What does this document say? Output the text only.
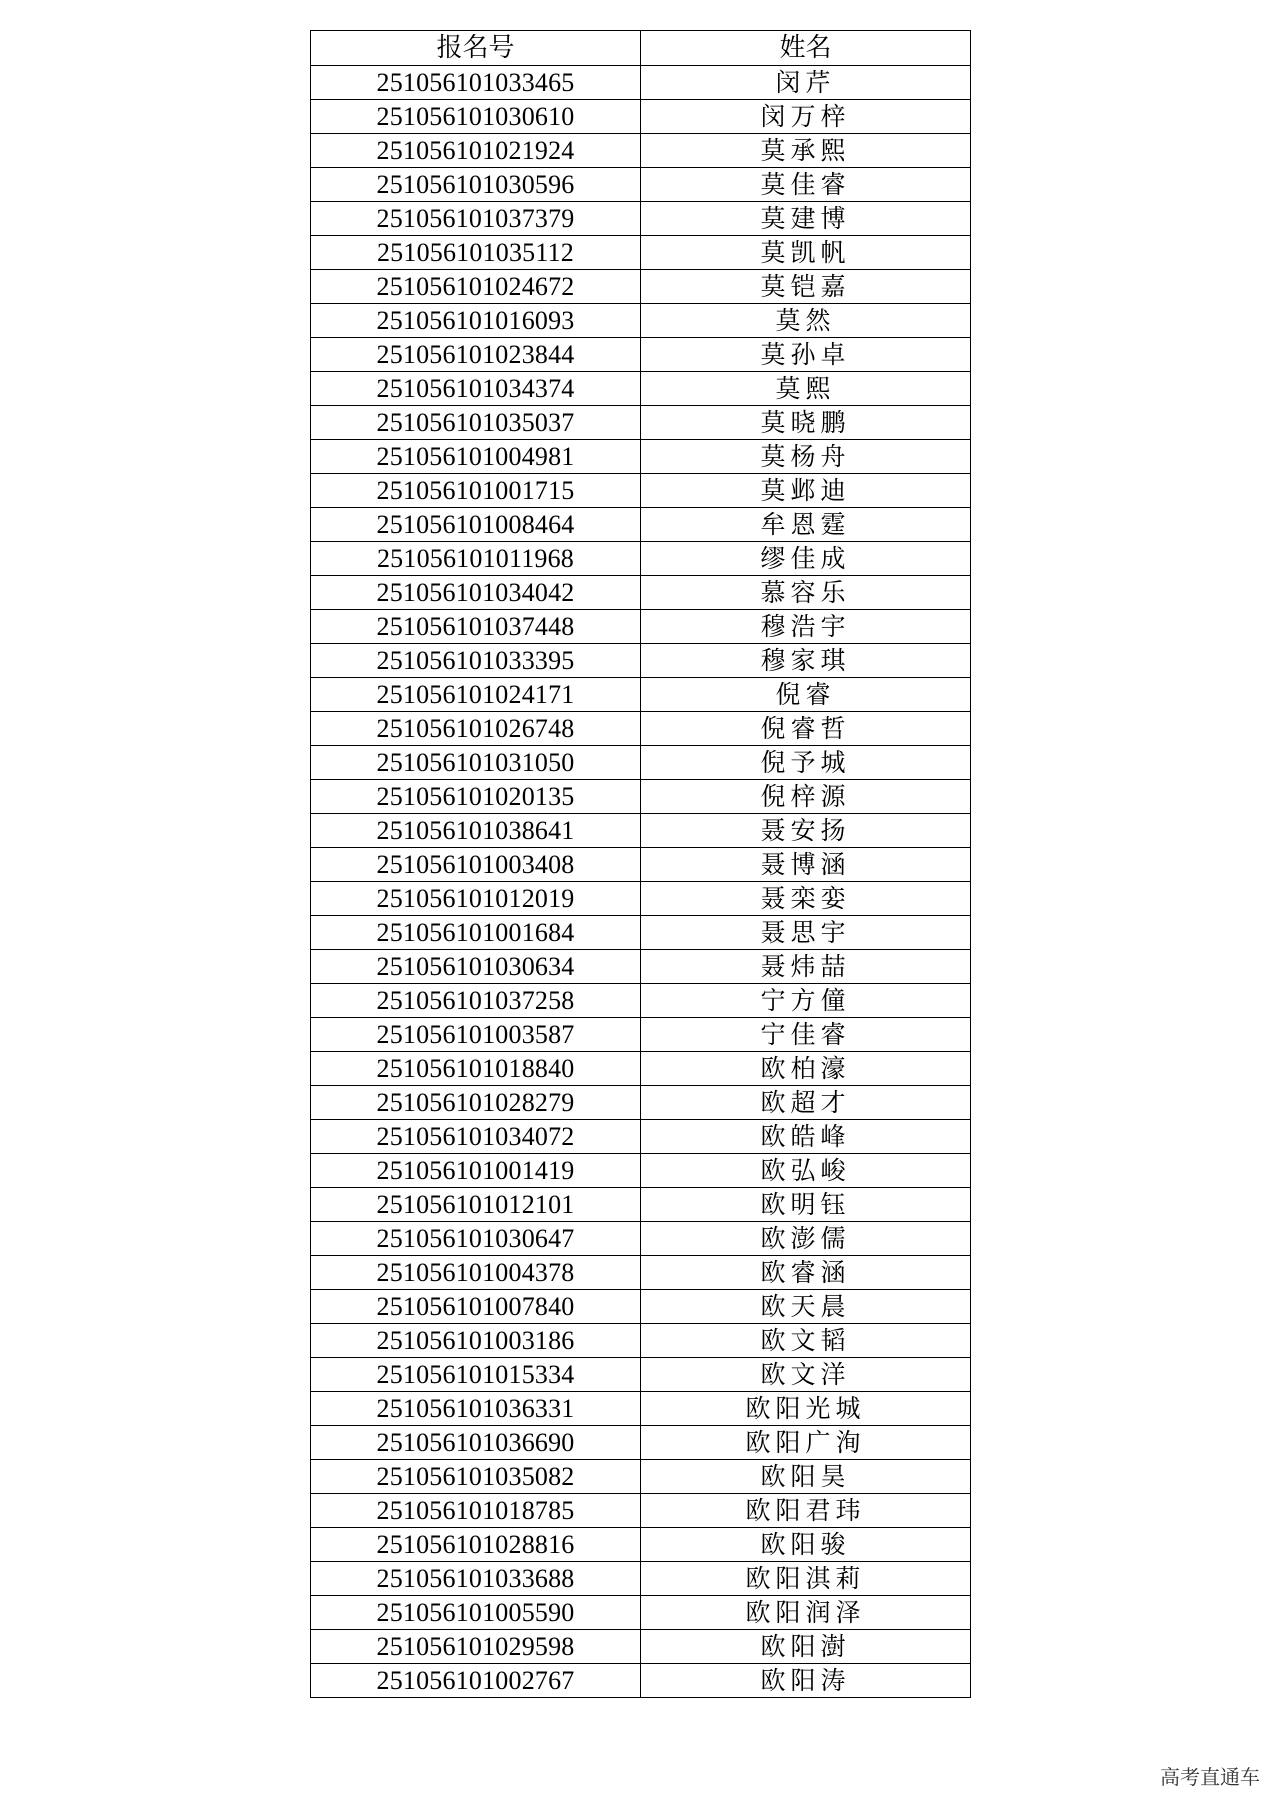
报名号	姓名
251056101033465	闵芹
251056101030610	闵万梓
251056101021924	莫承熙
251056101030596	莫佳睿
251056101037379	莫建博
251056101035112	莫凯帆
251056101024672	莫铠嘉
251056101016093	莫然
251056101023844	莫孙卓
251056101034374	莫熙
251056101035037	莫晓鹏
251056101004981	莫杨舟
251056101001715	莫邺迪
251056101008464	牟恩霆
251056101011968	缪佳成
251056101034042	慕容乐
251056101037448	穆浩宇
251056101033395	穆家琪
251056101024171	倪睿
251056101026748	倪睿哲
251056101031050	倪予城
251056101020135	倪梓源
251056101038641	聂安扬
251056101003408	聂博涵
251056101012019	聂栾娈
251056101001684	聂思宇
251056101030634	聂炜喆
251056101037258	宁方僮
251056101003587	宁佳睿
251056101018840	欧柏濠
251056101028279	欧超才
251056101034072	欧皓峰
251056101001419	欧弘峻
251056101012101	欧明钰
251056101030647	欧澎儒
251056101004378	欧睿涵
251056101007840	欧天晨
251056101003186	欧文韬
251056101015334	欧文洋
251056101036331	欧阳光城
251056101036690	欧阳广洵
251056101035082	欧阳昊
251056101018785	欧阳君玮
251056101028816	欧阳骏
251056101033688	欧阳淇莉
251056101005590	欧阳润泽
251056101029598	欧阳澍
251056101002767	欧阳涛
高考直通车
